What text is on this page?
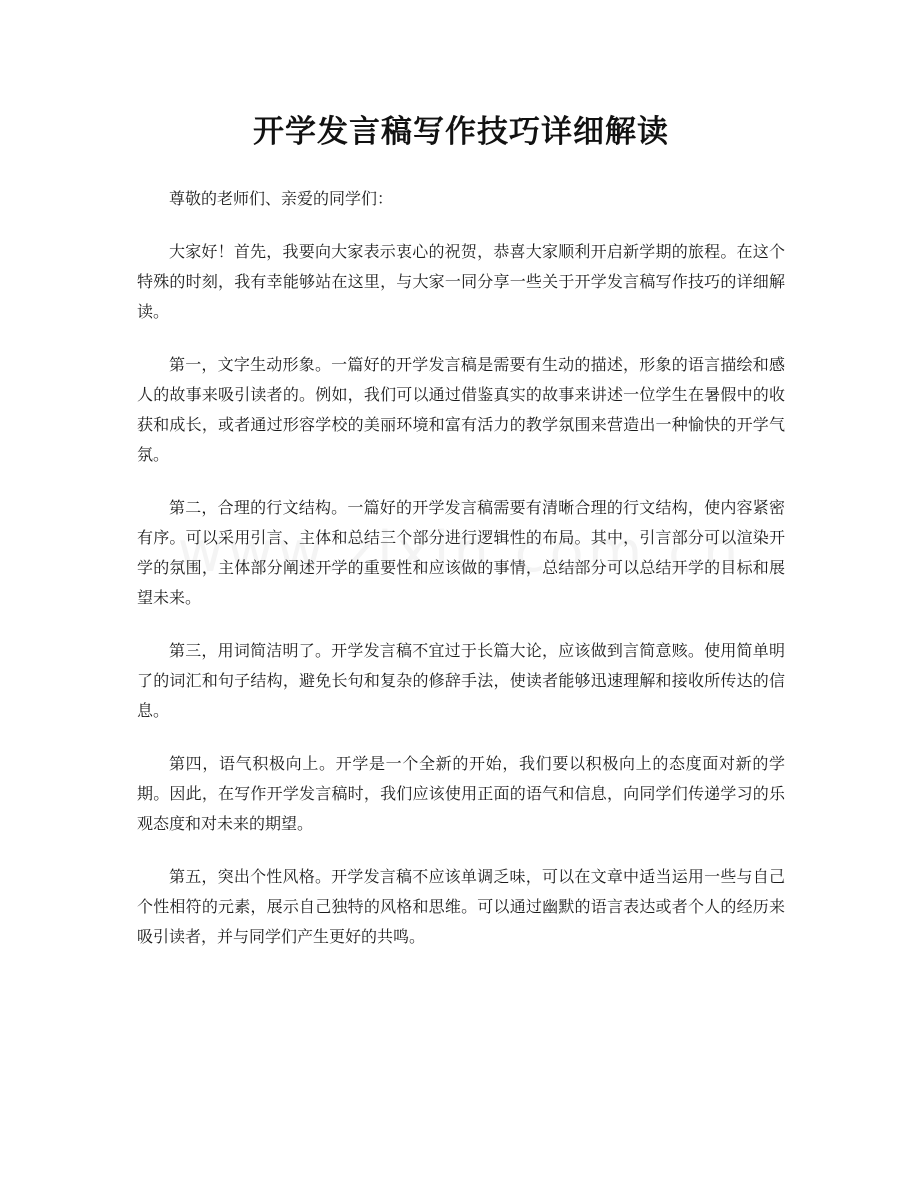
开学发言稿写作技巧详细解读

尊敬的老师们、亲爱的同学们：

大家好！首先，我要向大家表示衷心的祝贺，恭喜大家顺利开启新学期的旅程。在这个特殊的时刻，我有幸能够站在这里，与大家一同分享一些关于开学发言稿写作技巧的详细解读。

第一，文字生动形象。一篇好的开学发言稿是需要有生动的描述，形象的语言描绘和感人的故事来吸引读者的。例如，我们可以通过借鉴真实的故事来讲述一位学生在暑假中的收获和成长，或者通过形容学校的美丽环境和富有活力的教学氛围来营造出一种愉快的开学气氛。

第二，合理的行文结构。一篇好的开学发言稿需要有清晰合理的行文结构，使内容紧密有序。可以采用引言、主体和总结三个部分进行逻辑性的布局。其中，引言部分可以渲染开学的氛围，主体部分阐述开学的重要性和应该做的事情，总结部分可以总结开学的目标和展望未来。

第三，用词简洁明了。开学发言稿不宜过于长篇大论，应该做到言简意赅。使用简单明了的词汇和句子结构，避免长句和复杂的修辞手法，使读者能够迅速理解和接收所传达的信息。

第四，语气积极向上。开学是一个全新的开始，我们要以积极向上的态度面对新的学期。因此，在写作开学发言稿时，我们应该使用正面的语气和信息，向同学们传递学习的乐观态度和对未来的期望。

第五，突出个性风格。开学发言稿不应该单调乏味，可以在文章中适当运用一些与自己个性相符的元素，展示自己独特的风格和思维。可以通过幽默的语言表达或者个人的经历来吸引读者，并与同学们产生更好的共鸣。
